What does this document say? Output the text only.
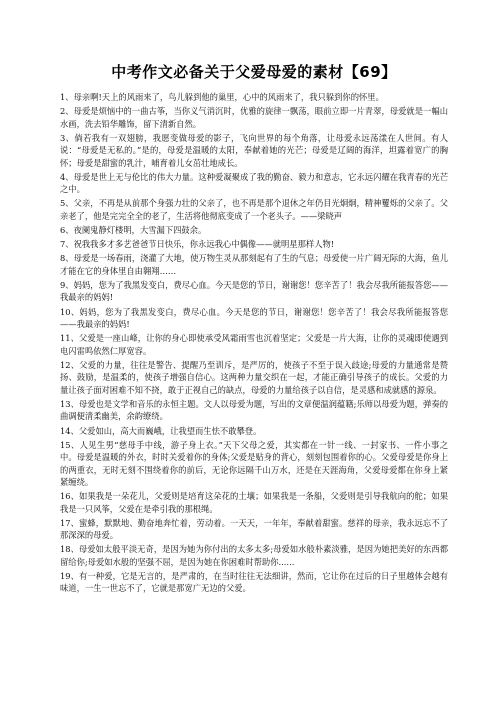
中考作文必备关于父爱母爱的素材【69】

1、母亲啊!天上的风雨来了，鸟儿躲到他的巢里，心中的风雨来了，我只躲到你的怀里。

2、母爱是烦恼中的一曲古筝，当你义气消沉时，优雅的旋律一飘荡，眼前立即一片青翠，母爱就是一幅山水画，洗去铅华雕饰，留下清新自然。

3、倘若我有一双翅膀，我愿变做母爱的影子，飞向世界的每个角落，让母爱永远荡漾在人世间。有人说：“母爱是无私的。”是的，母爱是温暖的太阳，奉献着她的光芒；母爱是辽阔的海洋，坦露着宽广的胸怀；母爱是甜蜜的乳汁，哺育着儿女茁壮地成长。

4、母爱是世上无与伦比的伟大力量。这种爱凝聚成了我的勤奋、毅力和意志，它永远闪耀在我青春的光芒之中。

5、父亲，不再是从前那个身强力壮的父亲了，也不再是那个退休之年仍目光炯炯，精神矍烁的父亲了。父亲老了，他是完完全全的老了，生活将他彻底变成了一个老头子。——梁晓声

6、夜阑鬼静灯楼明，大雪漏下四鼓余。

7、祝我我多才多艺爸爸节日快乐，你永远我心中偶像——就明星那样人物!

8、母爱是一场春雨，浇灌了大地，使万物生灵从那刻起有了生的气息；母爱使一片广阔无际的大海，鱼儿才能在它的身体里自由翱翔……

9、妈妈，您为了我黑发变白，费尽心血。今天是您的节日，谢谢您！您辛苦了！我会尽我所能报答您——我最亲的妈妈!

10、妈妈，您为了我黑发变白，费尽心血。今天是您的节日，谢谢您！您辛苦了！我会尽我所能报答您——我最亲的妈妈!

11、父爱是一座山峰，让你的身心即使承受风霜雨雪也沉着坚定；父爱是一片大海，让你的灵魂即使遇到电闪雷鸣依然仁厚宽容。

12、父爱的力量，往往是警告、提醒乃至训斥，是严厉的，使孩子不至于误入歧途;母爱的力量通常是赞扬、鼓励，是温柔的，使孩子增强自信心。这两种力量交织在一起，才能正确引导孩子的成长。父爱的力量让孩子面对困难不知不挠，敢于正视自己的缺点，母爱的力量给孩子以自信，是灵感和成就感的源泉。

13、母爱也是文学和音乐的永恒主题。文人以母爱为题，写出的文章便温润蕴籍;乐师以母爱为题，弹奏的曲调便清柔幽美，余韵缭绕。

14、父爱如山，高大而巍峨，让我望而生怯不敢攀登。

15、人见生男“慈母手中线，游子身上衣。”天下父母之爱，其实都在一针一线、一封家书、一件小事之中。母爱是温暖的外衣，时时关爱着你的身体;父爱是贴身的背心，刻刻包围着你的心。父爱母爱是你身上的两重衣，无时无刻不围绕着你的前后，无论你远隔千山万水，还是在天涯海角，父爱母爱都在你身上紧紧缠绕。

16、如果我是一朵花儿，父爱则是培育这朵花的土壤；如果我是一条船，父爱则是引导我航向的舵；如果我是一只风筝，父爱在是牵引我的那根绳。

17、蜜蜂，默默地、勤奋地奔忙着，劳动着。一天天，一年年，奉献着甜蜜。慈祥的母亲，我永远忘不了那深深的母爱。

18、母爱如太般平淡无奇，是因为她为你付出的太多太多;母爱如水般朴素淡雅，是因为她把美好的东西都留给你;母爱如水般的坚强不屈，是因为她在你困难时帮助你......

19、有一种爱，它是无言的，是严肃的，在当时往往无法细讲，然而，它让你在过后的日子里越体会越有味道，一生一世忘不了，它就是那宽广无边的父爱。
